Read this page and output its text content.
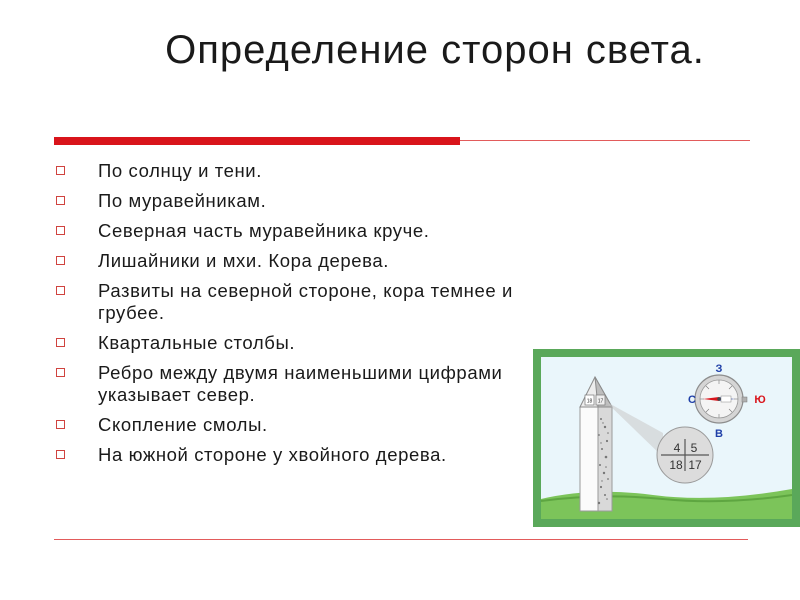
Определение сторон света.
По солнцу и тени.
По муравейникам.
Северная часть муравейника круче.
Лишайники и мхи. Кора дерева.
Развиты на северной стороне, кора темнее и грубее.
Квартальные столбы.
Ребро между двумя наименьшими цифрами указывает север.
Скопление смолы.
На южной стороне у хвойного дерева.
18 17
4 5
18 17
З
В
С	Ю
